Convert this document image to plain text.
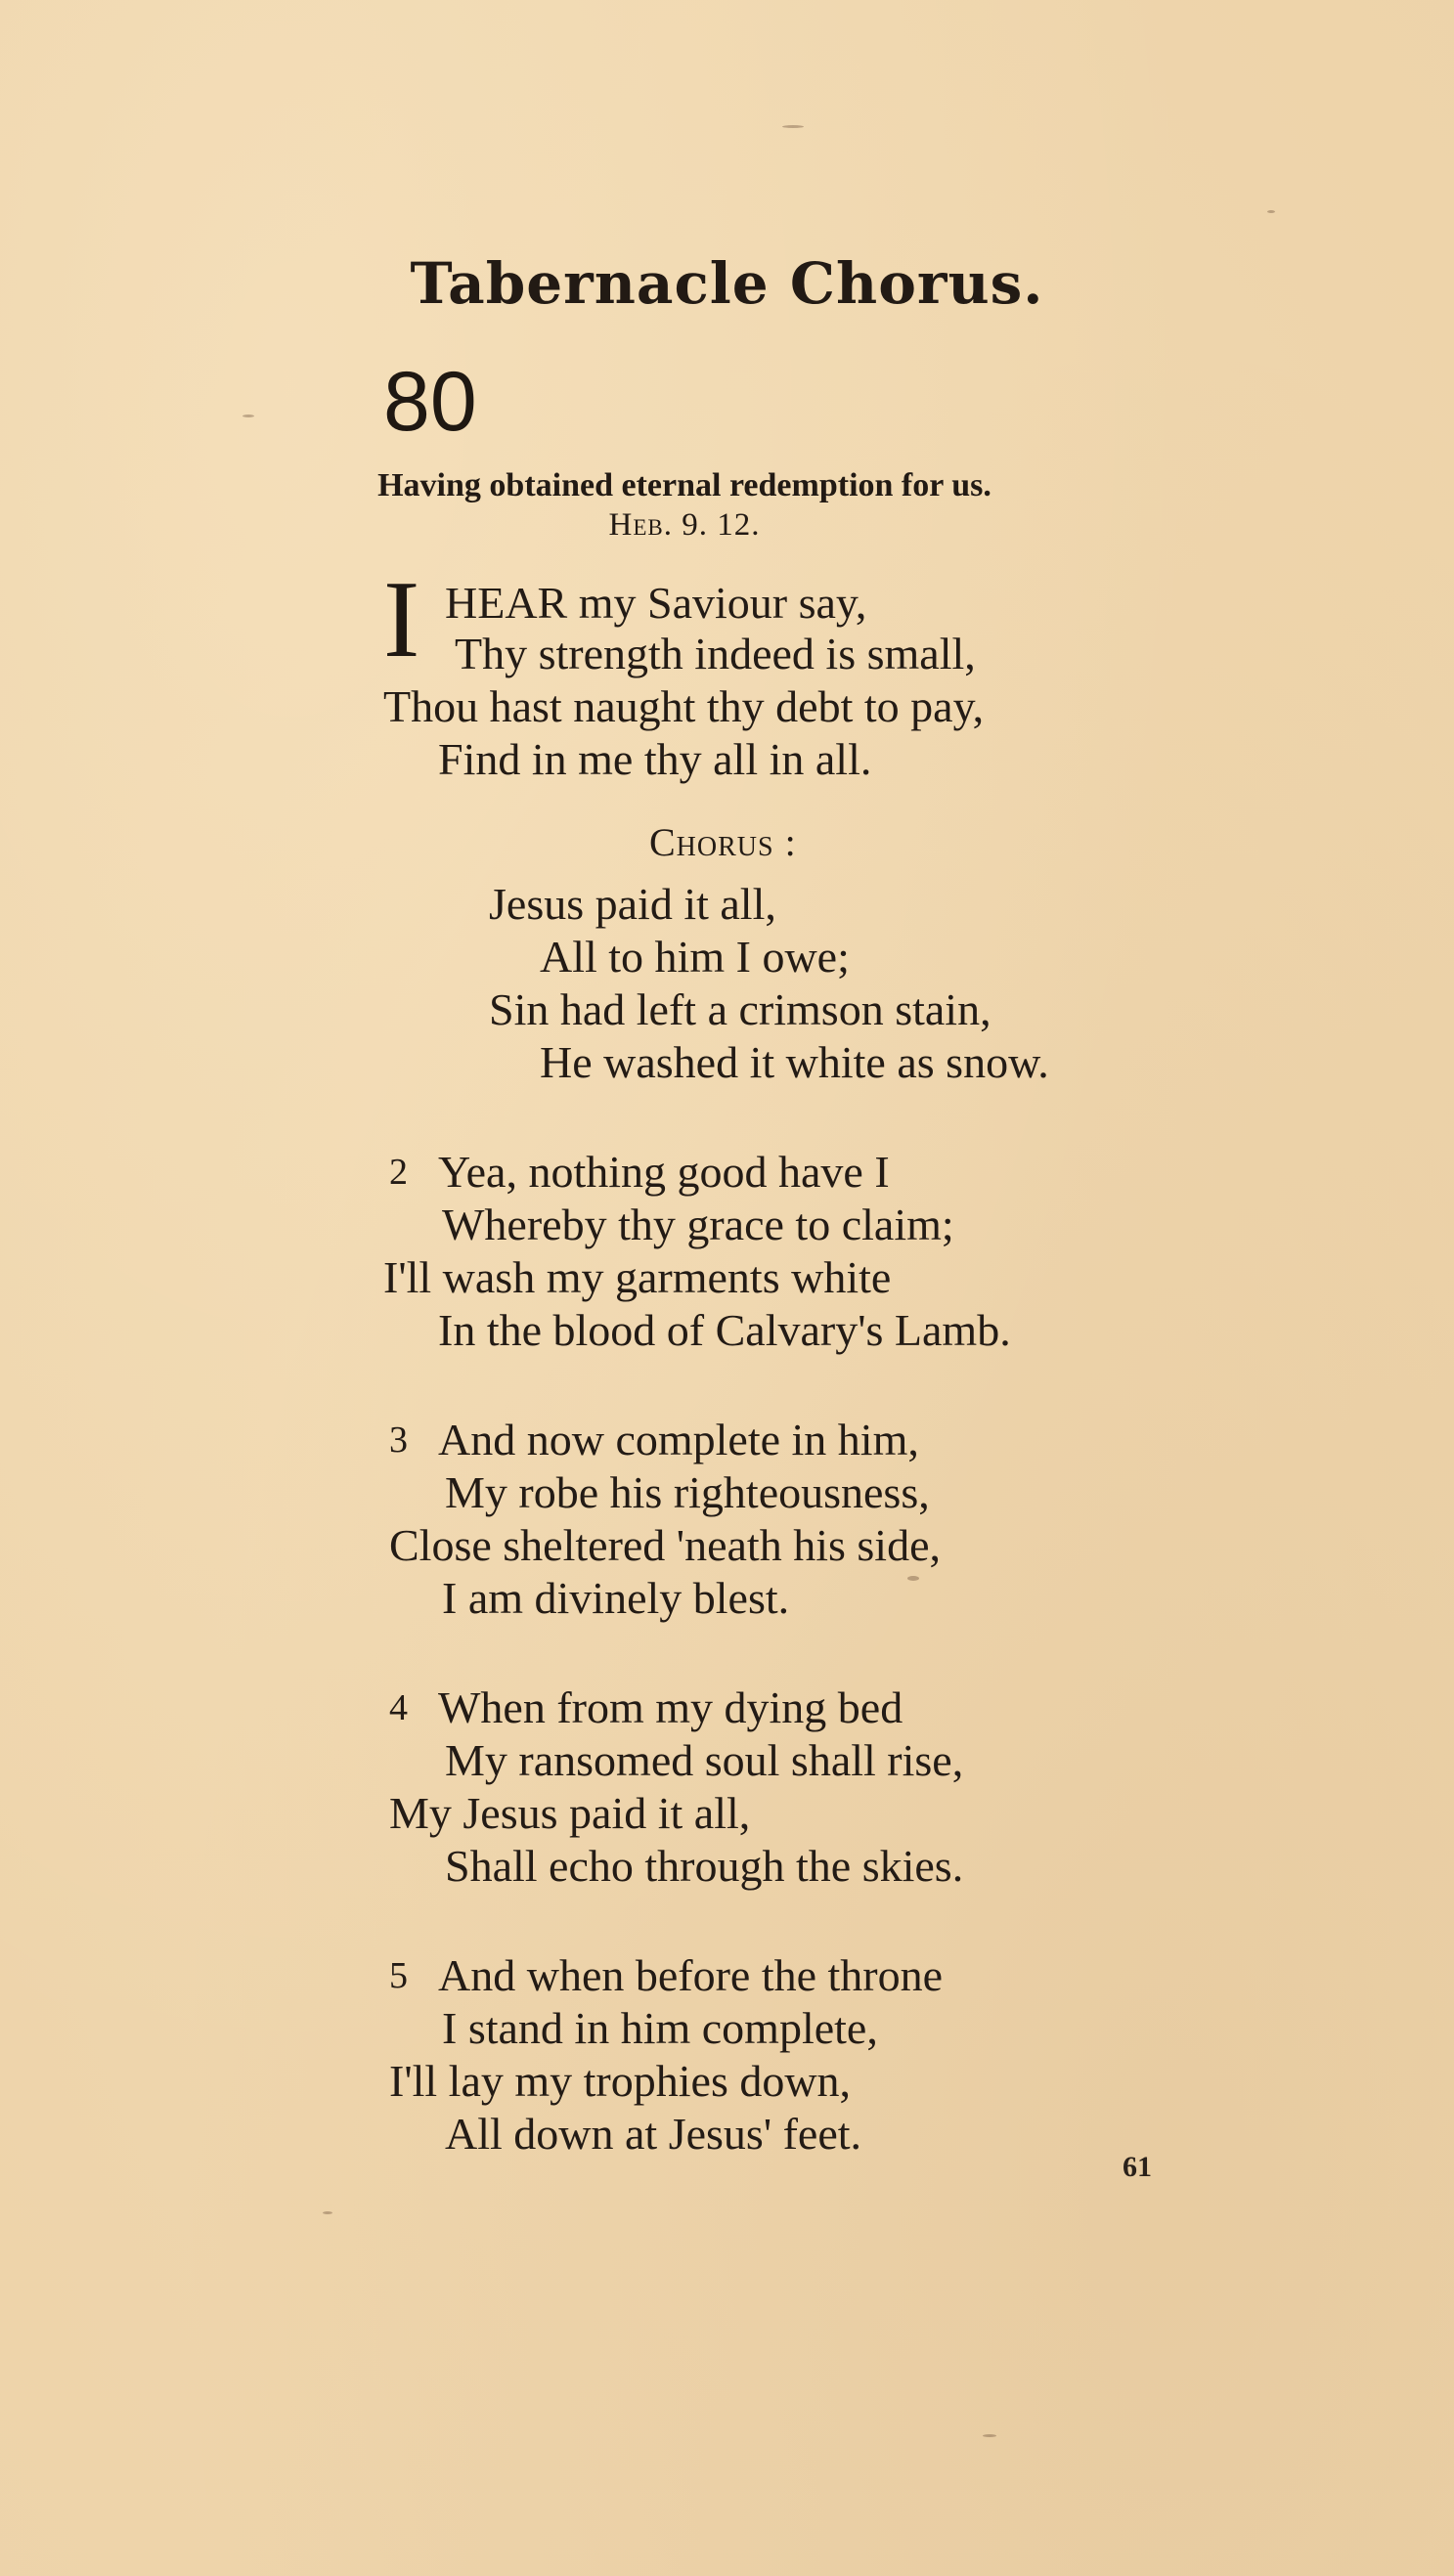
Tabernacle Chorus.
80
Having obtained eternal redemption for us.
Heb. 9. 12.
I HEAR my Saviour say,
Thy strength indeed is small,
Thou hast naught thy debt to pay,
Find in me thy all in all.
Chorus :
Jesus paid it all,
All to him I owe;
Sin had left a crimson stain,
He washed it white as snow.
2 Yea, nothing good have I
Whereby thy grace to claim;
I'll wash my garments white
In the blood of Calvary's Lamb.
3 And now complete in him,
My robe his righteousness,
Close sheltered 'neath his side,
I am divinely blest.
4 When from my dying bed
My ransomed soul shall rise,
My Jesus paid it all,
Shall echo through the skies.
5 And when before the throne
I stand in him complete,
I'll lay my trophies down,
All down at Jesus' feet.
61
